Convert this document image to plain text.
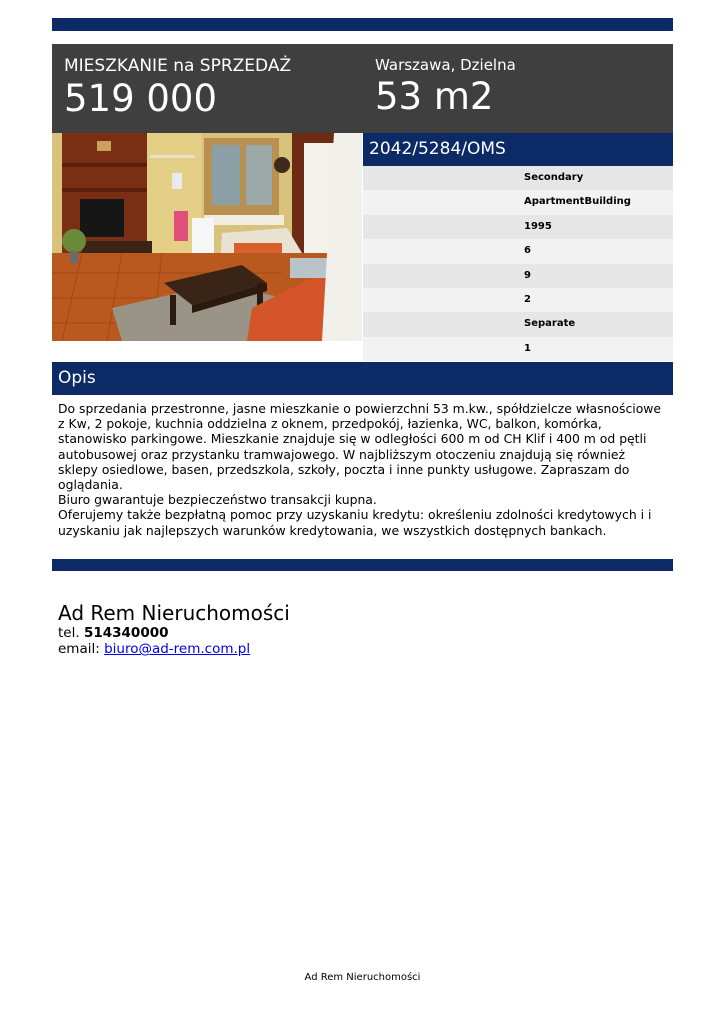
MIESZKANIE na SPRZEDAŻ
519 000
Warszawa, Dzielna
53 m2
2042/5284/OMS
Secondary
ApartmentBuilding
1995
6
9
2
Separate
1
Opis

Do sprzedania przestronne, jasne mieszkanie o powierzchni 53 m.kw., spółdzielcze własnościowe z Kw, 2 pokoje, kuchnia oddzielna z oknem, przedpokój, łazienka, WC, balkon, komórka, stanowisko parkingowe. Mieszkanie znajduje się w odległości 600 m od CH Klif i 400 m od pętli autobusowej oraz przystanku tramwajowego. W najbliższym otoczeniu znajdują się również sklepy osiedlowe, basen, przedszkola, szkoły, poczta i inne punkty usługowe. Zapraszam do oglądania.

Biuro gwarantuje bezpieczeństwo transakcji kupna.

Oferujemy także bezpłatną pomoc przy uzyskaniu kredytu: określeniu zdolności kredytowych i i uzyskaniu jak najlepszych warunków kredytowania, we wszystkich dostępnych bankach.

Ad Rem Nieruchomości
tel. 514340000
email: biuro@ad-rem.com.pl
Ad Rem Nieruchomości
